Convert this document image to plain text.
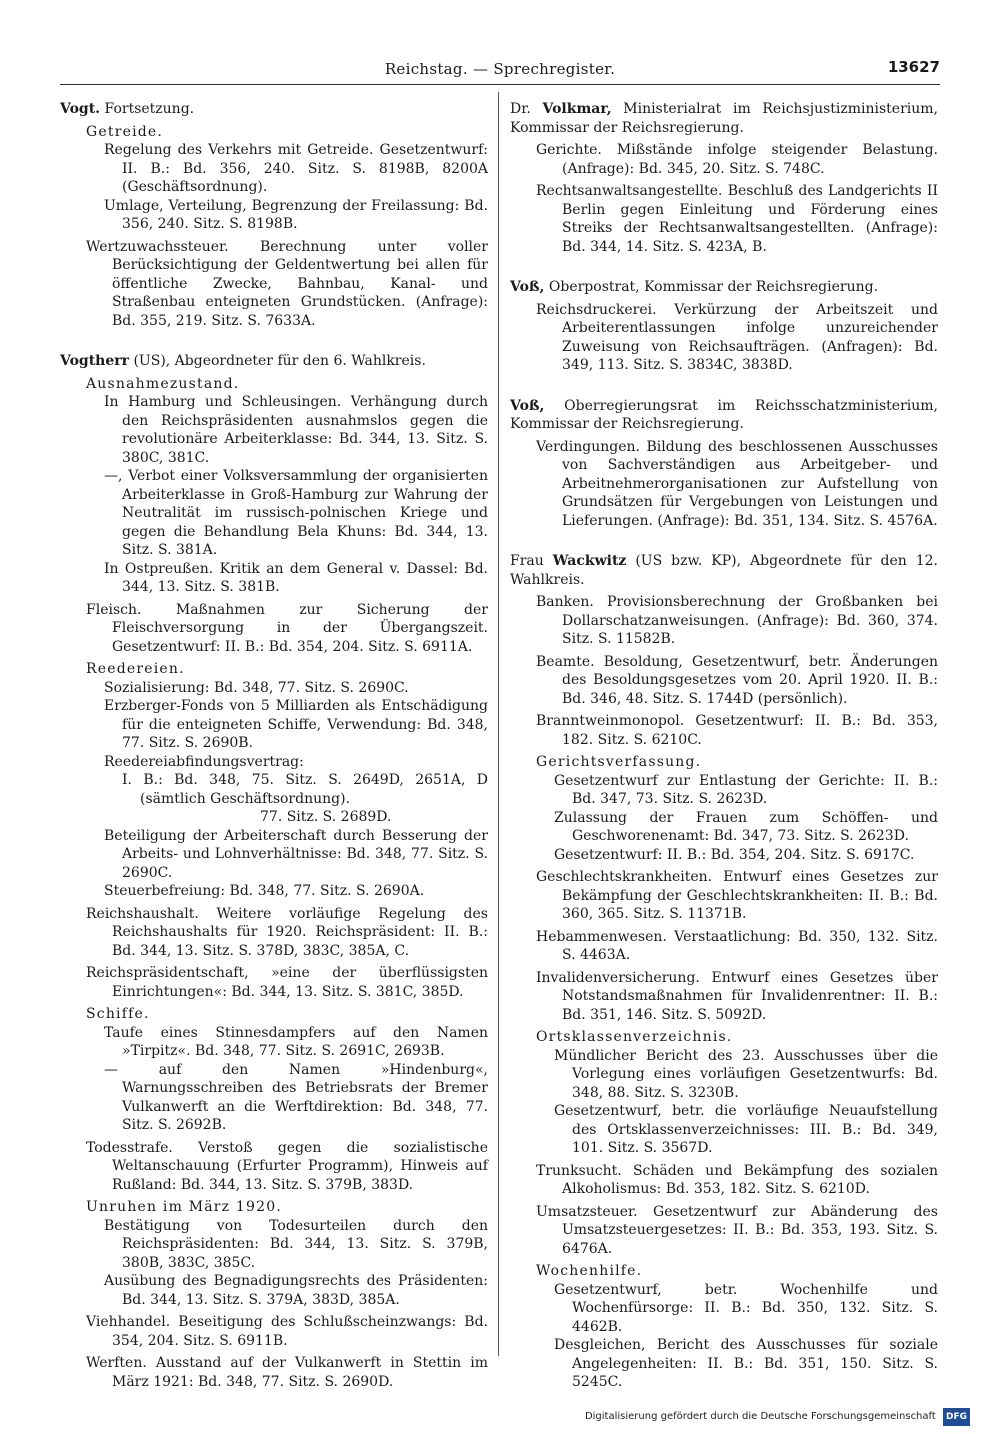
Reichstag. — Sprechregister.	13627
Vogt. Fortsetzung.
Getreide.
Regelung des Verkehrs mit Getreide. Gesetzentwurf: II. B.: Bd. 356, 240. Sitz. S. 8198B, 8200A (Geschäftsordnung).
Umlage, Verteilung, Begrenzung der Freilassung: Bd. 356, 240. Sitz. S. 8198B.
Wertzuwachssteuer. Berechnung unter voller Berücksichtigung der Geldentwertung bei allen für öffentliche Zwecke, Bahnbau, Kanal- und Straßenbau enteigneten Grundstücken. (Anfrage): Bd. 355, 219. Sitz. S. 7633A.
Vogtherr (US), Abgeordneter für den 6. Wahlkreis.
Ausnahmezustand.
In Hamburg und Schleusingen. Verhängung durch den Reichspräsidenten ausnahmslos gegen die revolutionäre Arbeiterklasse: Bd. 344, 13. Sitz. S. 380C, 381C.
—, Verbot einer Volksversammlung der organisierten Arbeiterklasse in Groß-Hamburg zur Wahrung der Neutralität im russisch-polnischen Kriege und gegen die Behandlung Bela Khuns: Bd. 344, 13. Sitz. S. 381A.
In Ostpreußen. Kritik an dem General v. Dassel: Bd. 344, 13. Sitz. S. 381B.
Fleisch. Maßnahmen zur Sicherung der Fleischversorgung in der Übergangszeit. Gesetzentwurf: II. B.: Bd. 354, 204. Sitz. S. 6911A.
Reedereien.
Sozialisierung: Bd. 348, 77. Sitz. S. 2690C.
Erzberger-Fonds von 5 Milliarden als Entschädigung für die enteigneten Schiffe, Verwendung: Bd. 348, 77. Sitz. S. 2690B.
Reedereiabfindungsvertrag:
I. B.: Bd. 348, 75. Sitz. S. 2649D, 2651A, D (sämtlich Geschäftsordnung).
77. Sitz. S. 2689D.
Beteiligung der Arbeiterschaft durch Besserung der Arbeits- und Lohnverhältnisse: Bd. 348, 77. Sitz. S. 2690C.
Steuerbefreiung: Bd. 348, 77. Sitz. S. 2690A.
Reichshaushalt. Weitere vorläufige Regelung des Reichshaushalts für 1920. Reichspräsident: II. B.: Bd. 344, 13. Sitz. S. 378D, 383C, 385A, C.
Reichspräsidentschaft, »eine der überflüssigsten Einrichtungen«: Bd. 344, 13. Sitz. S. 381C, 385D.
Schiffe.
Taufe eines Stinnesdampfers auf den Namen »Tirpitz«. Bd. 348, 77. Sitz. S. 2691C, 2693B.
— auf den Namen »Hindenburg«, Warnungsschreiben des Betriebsrats der Bremer Vulkanwerft an die Werftdirektion: Bd. 348, 77. Sitz. S. 2692B.
Todesstrafe. Verstoß gegen die sozialistische Weltanschauung (Erfurter Programm), Hinweis auf Rußland: Bd. 344, 13. Sitz. S. 379B, 383D.
Unruhen im März 1920.
Bestätigung von Todesurteilen durch den Reichspräsidenten: Bd. 344, 13. Sitz. S. 379B, 380B, 383C, 385C.
Ausübung des Begnadigungsrechts des Präsidenten: Bd. 344, 13. Sitz. S. 379A, 383D, 385A.
Viehhandel. Beseitigung des Schlußscheinzwangs: Bd. 354, 204. Sitz. S. 6911B.
Werften. Ausstand auf der Vulkanwerft in Stettin im März 1921: Bd. 348, 77. Sitz. S. 2690D.
Dr. Volkmar, Ministerialrat im Reichsjustizministerium, Kommissar der Reichsregierung.
Gerichte. Mißstände infolge steigender Belastung. (Anfrage): Bd. 345, 20. Sitz. S. 748C.
Rechtsanwaltsangestellte. Beschluß des Landgerichts II Berlin gegen Einleitung und Förderung eines Streiks der Rechtsanwaltsangestellten. (Anfrage): Bd. 344, 14. Sitz. S. 423A, B.
Voß, Oberpostrat, Kommissar der Reichsregierung.
Reichsdruckerei. Verkürzung der Arbeitszeit und Arbeiterentlassungen infolge unzureichender Zuweisung von Reichsaufträgen. (Anfragen): Bd. 349, 113. Sitz. S. 3834C, 3838D.
Voß, Oberregierungsrat im Reichsschatzministerium, Kommissar der Reichsregierung.
Verdingungen. Bildung des beschlossenen Ausschusses von Sachverständigen aus Arbeitgeber- und Arbeitnehmerorganisationen zur Aufstellung von Grundsätzen für Vergebungen von Leistungen und Lieferungen. (Anfrage): Bd. 351, 134. Sitz. S. 4576A.
Frau Wackwitz (US bzw. KP), Abgeordnete für den 12. Wahlkreis.
Banken. Provisionsberechnung der Großbanken bei Dollarschatzanweisungen. (Anfrage): Bd. 360, 374. Sitz. S. 11582B.
Beamte. Besoldung, Gesetzentwurf, betr. Änderungen des Besoldungsgesetzes vom 20. April 1920. II. B.: Bd. 346, 48. Sitz. S. 1744D (persönlich).
Branntweinmonopol. Gesetzentwurf: II. B.: Bd. 353, 182. Sitz. S. 6210C.
Gerichtsverfassung.
Gesetzentwurf zur Entlastung der Gerichte: II. B.: Bd. 347, 73. Sitz. S. 2623D.
Zulassung der Frauen zum Schöffen- und Geschworenenamt: Bd. 347, 73. Sitz. S. 2623D.
Gesetzentwurf: II. B.: Bd. 354, 204. Sitz. S. 6917C.
Geschlechtskrankheiten. Entwurf eines Gesetzes zur Bekämpfung der Geschlechtskrankheiten: II. B.: Bd. 360, 365. Sitz. S. 11371B.
Hebammenwesen. Verstaatlichung: Bd. 350, 132. Sitz. S. 4463A.
Invalidenversicherung. Entwurf eines Gesetzes über Notstandsmaßnahmen für Invalidenrentner: II. B.: Bd. 351, 146. Sitz. S. 5092D.
Ortsklassenverzeichnis.
Mündlicher Bericht des 23. Ausschusses über die Vorlegung eines vorläufigen Gesetzentwurfs: Bd. 348, 88. Sitz. S. 3230B.
Gesetzentwurf, betr. die vorläufige Neuaufstellung des Ortsklassenverzeichnisses: III. B.: Bd. 349, 101. Sitz. S. 3567D.
Trunksucht. Schäden und Bekämpfung des sozialen Alkoholismus: Bd. 353, 182. Sitz. S. 6210D.
Umsatzsteuer. Gesetzentwurf zur Abänderung des Umsatzsteuergesetzes: II. B.: Bd. 353, 193. Sitz. S. 6476A.
Wochenhilfe.
Gesetzentwurf, betr. Wochenhilfe und Wochenfürsorge: II. B.: Bd. 350, 132. Sitz. S. 4462B.
Desgleichen, Bericht des Ausschusses für soziale Angelegenheiten: II. B.: Bd. 351, 150. Sitz. S. 5245C.
Digitalisierung gefördert durch die Deutsche Forschungsgemeinschaft DFG
